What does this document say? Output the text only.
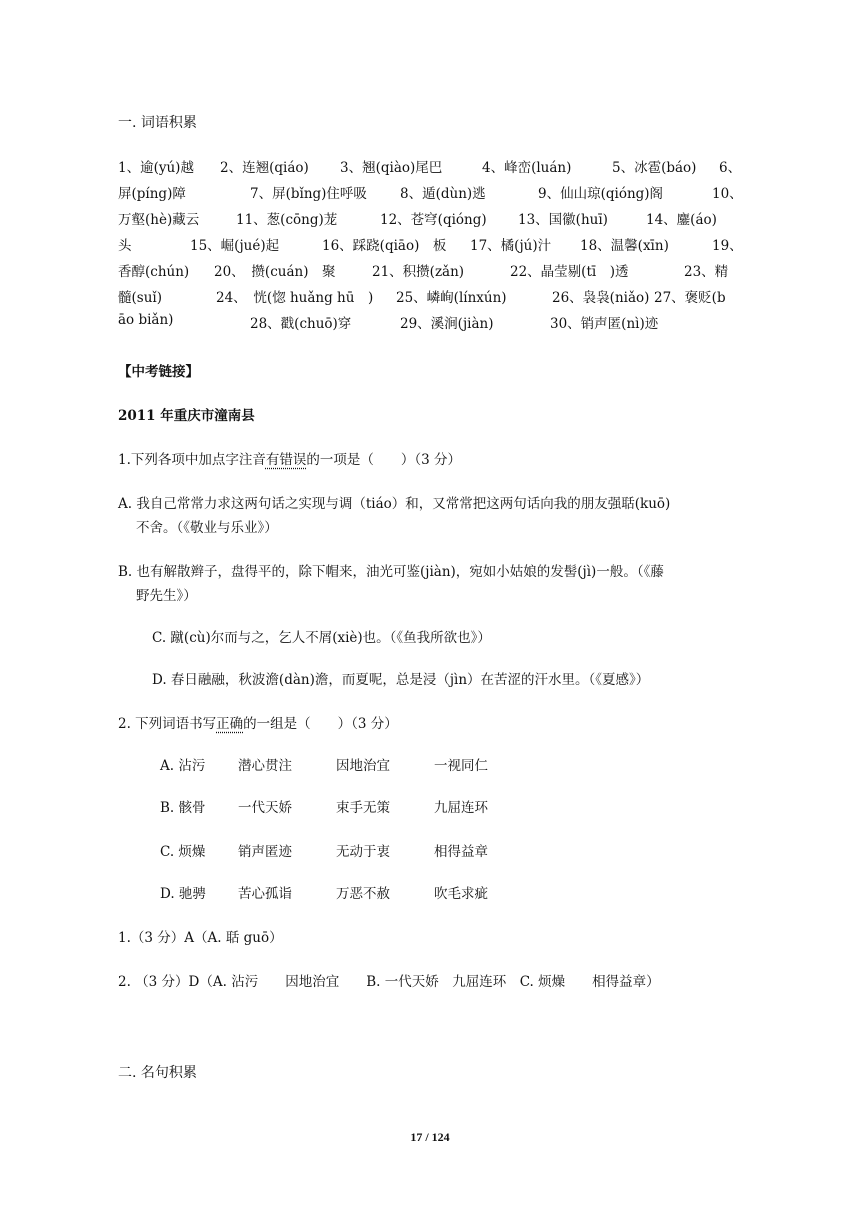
一. 词语积累
1、逾(yú)越 2、连翘(qiáo) 3、翘(qiào)尾巴	4、峰峦(luán)	5、冰雹(báo) 6、
屏(píng)障	7、屏(bǐng)住呼吸 8、遁(dùn)逃	9、仙山琼(qióng)阁	10、
万壑(hè)藏云	11、葱(cōng)茏	12、苍穹(qióng) 13、国徽(huī)	14、鏖(áo)
头	15、崛(jué)起	16、踩跷(qiāo)　板 17、橘(jú)汁 18、温馨(xīn)	19、
香醇(chún) 20、　攒(cuán)　聚	21、积攒(zǎn)	22、晶莹剔(tī　)透	23、精
髓(suǐ)	24、　恍(惚 huǎng hū　) 25、嶙峋(línxún)	26、袅袅(niǎo) 27、褒贬(b
āo biǎn)	28、戳(chuō)穿	29、溪涧(jiàn)	30、销声匿(nì)迹
【中考链接】
2011 年重庆市潼南县
1.下列各项中加点字注音有错误的一项是（　　）（3 分）
A. 我自己常常力求这两句话之实现与调（tiáo）和，又常常把这两句话向我的朋友强聒(kuō)
不舍。（《敬业与乐业》）
B. 也有解散辫子，盘得平的，除下帽来，油光可鉴(jiàn)，宛如小姑娘的发髻(jì)一般。（《藤
野先生》）
C. 蹴(cù)尔而与之，乞人不屑(xiè)也。（《鱼我所欲也》）
D. 春日融融，秋波澹(dàn)澹，而夏呢，总是浸（jìn）在苦涩的汗水里。（《夏感》）
2. 下列词语书写正确的一组是（　　）（3 分）
A. 沾污 潜心贯注	因地治宜	一视同仁
B. 骸骨 一代天娇	束手无策	九屈连环
C. 烦燥 销声匿迹	无动于衷	相得益章
D. 驰骋 苦心孤诣	万恶不赦	吹毛求疵
1.（3 分）A（A. 聒 guō）
2. （3 分）D（A. 沾污　　因地治宜　　B. 一代天娇　九屈连环　C. 烦燥　　相得益章）
二. 名句积累
17 / 124
